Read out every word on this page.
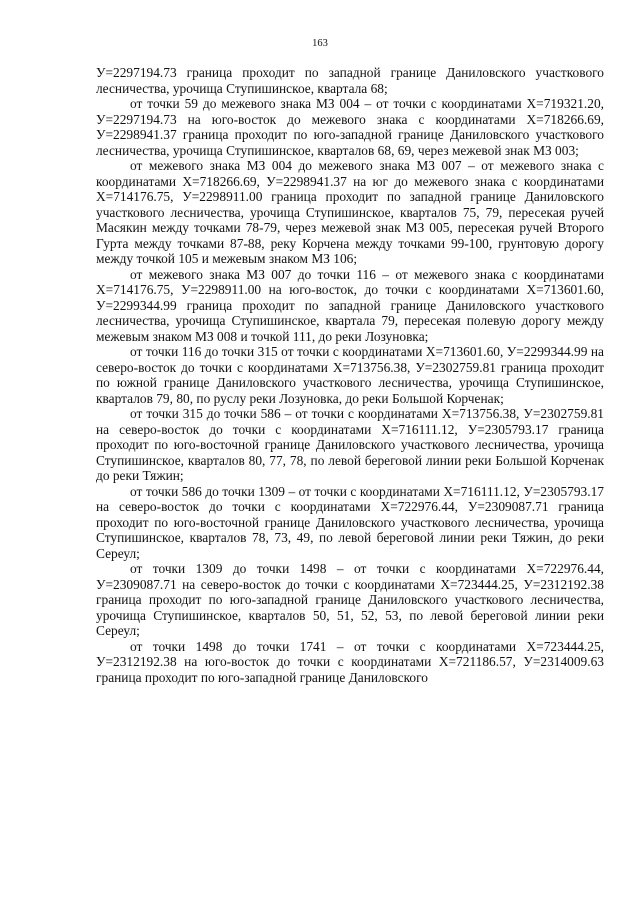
163

У=2297194.73 граница проходит по западной границе Даниловского участкового лесничества, урочища Ступишинское, квартала 68;

от точки 59 до межевого знака МЗ 004 – от точки с координатами Х=719321.20, У=2297194.73 на юго-восток до межевого знака с координатами Х=718266.69, У=2298941.37 граница проходит по юго-западной границе Даниловского участкового лесничества, урочища Ступишинское, кварталов 68, 69, через межевой знак МЗ 003;

от межевого знака МЗ 004 до межевого знака МЗ 007 – от межевого знака с координатами Х=718266.69, У=2298941.37 на юг до межевого знака с координатами Х=714176.75, У=2298911.00 граница проходит по западной границе Даниловского участкового лесничества, урочища Ступишинское, кварталов 75, 79, пересекая ручей Масякин между точками 78-79, через межевой знак МЗ 005, пересекая ручей Второго Гурта между точками 87-88, реку Корчена между точками 99-100, грунтовую дорогу между точкой 105 и межевым знаком МЗ 106;

от межевого знака МЗ 007 до точки 116 – от межевого знака с координатами Х=714176.75, У=2298911.00 на юго-восток, до точки с координатами Х=713601.60, У=2299344.99 граница проходит по западной границе Даниловского участкового лесничества, урочища Ступишинское, квартала 79, пересекая полевую дорогу между межевым знаком МЗ 008 и точкой 111, до реки Лозуновка;

от точки 116 до точки 315 от точки с координатами Х=713601.60, У=2299344.99 на северо-восток до точки с координатами Х=713756.38, У=2302759.81 граница проходит по южной границе Даниловского участкового лесничества, урочища Ступишинское, кварталов 79, 80, по руслу реки Лозуновка, до реки Большой Корченак;

от точки 315 до точки 586 – от точки с координатами Х=713756.38, У=2302759.81 на северо-восток до точки с координатами Х=716111.12, У=2305793.17 граница проходит по юго-восточной границе Даниловского участкового лесничества, урочища Ступишинское, кварталов 80, 77, 78, по левой береговой линии реки Большой Корченак до реки Тяжин;

от точки 586 до точки 1309 – от точки с координатами Х=716111.12, У=2305793.17 на северо-восток до точки с координатами Х=722976.44, У=2309087.71 граница проходит по юго-восточной границе Даниловского участкового лесничества, урочища Ступишинское, кварталов 78, 73, 49, по левой береговой линии реки Тяжин, до реки Сереул;

от точки 1309 до точки 1498 – от точки с координатами Х=722976.44, У=2309087.71 на северо-восток до точки с координатами Х=723444.25, У=2312192.38 граница проходит по юго-западной границе Даниловского участкового лесничества, урочища Ступишинское, кварталов 50, 51, 52, 53, по левой береговой линии реки Сереул;

от точки 1498 до точки 1741 – от точки с координатами Х=723444.25, У=2312192.38 на юго-восток до точки с координатами Х=721186.57, У=2314009.63 граница проходит по юго-западной границе Даниловского
